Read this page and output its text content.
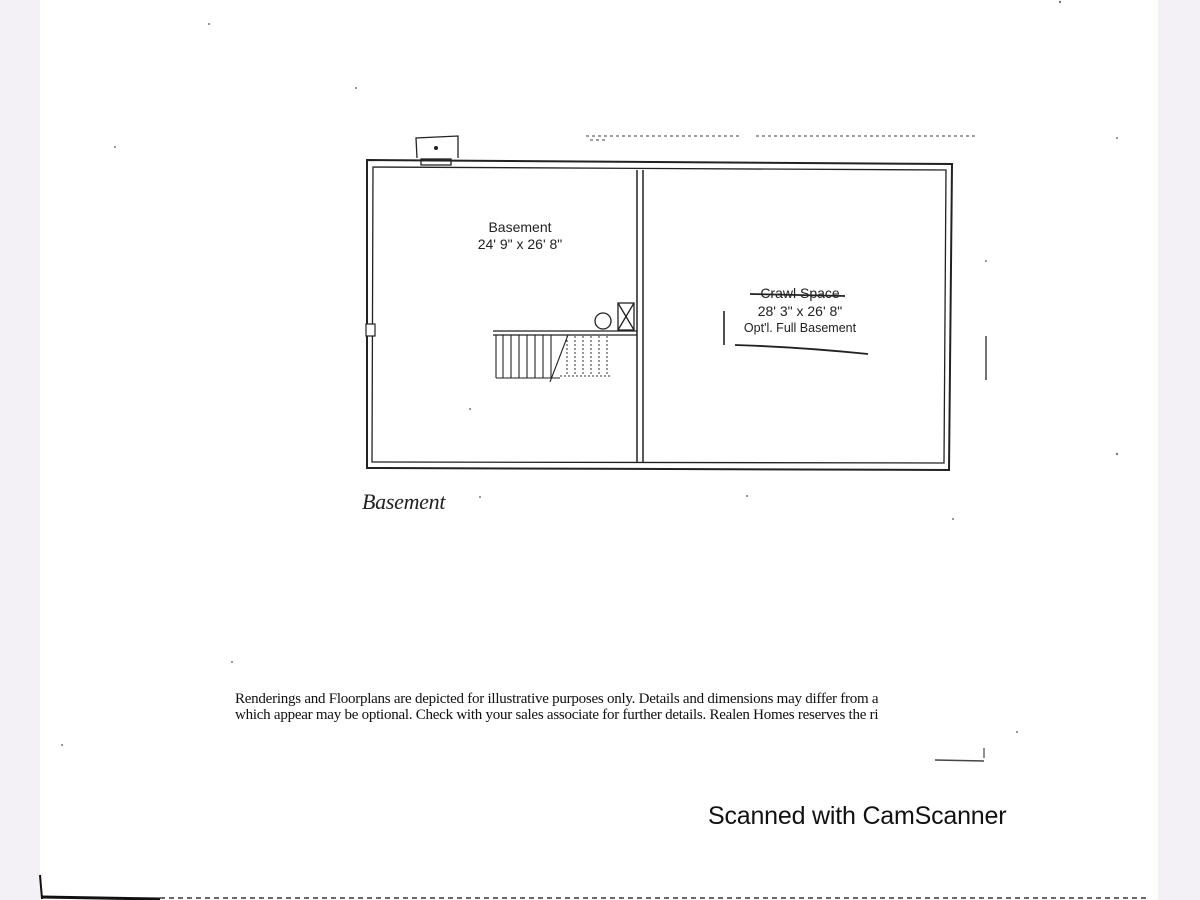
Basement
24' 9" x 26' 8"
Crawl Space
28' 3" x 26' 8"
Opt'l. Full Basement
Basement
Renderings and Floorplans are depicted for illustrative purposes only. Details and dimensions may differ from a
which appear may be optional. Check with your sales associate for further details. Realen Homes reserves the ri
Scanned with CamScanner
